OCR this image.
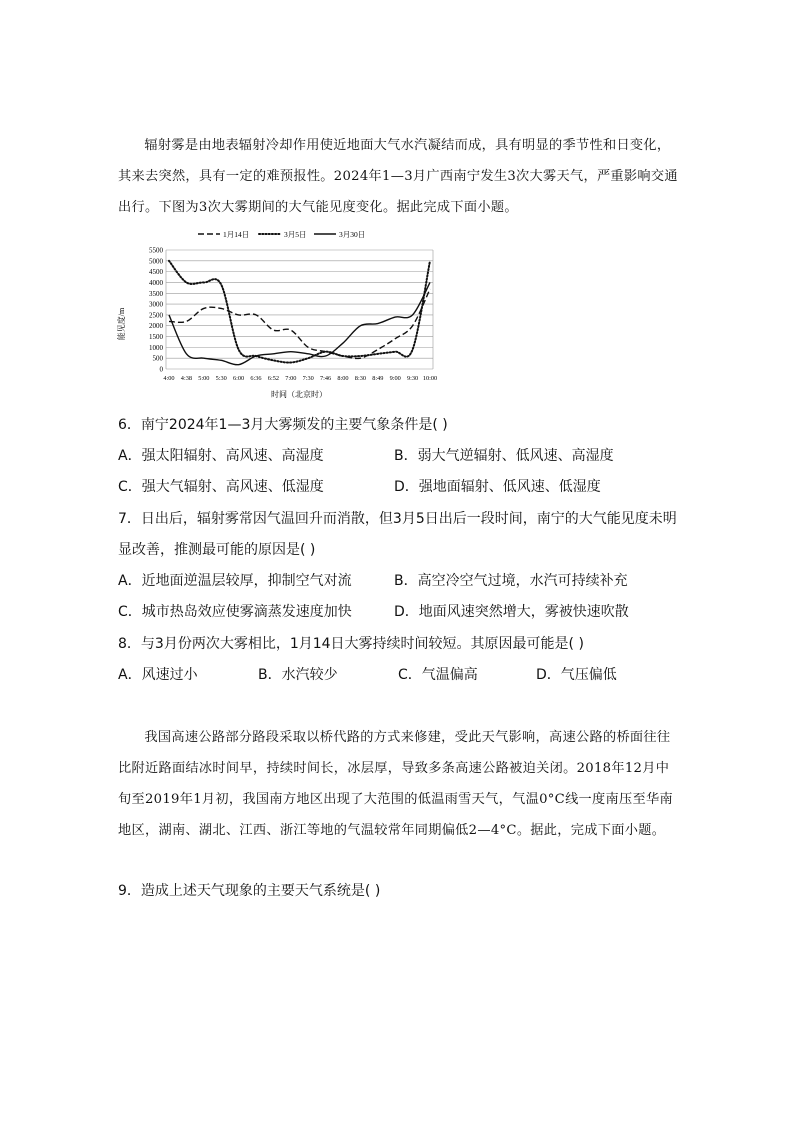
辐射雾是由地表辐射冷却作用使近地面大气水汽凝结而成，具有明显的季节性和日变化，其来去突然，具有一定的难预报性。2024年1—3月广西南宁发生3次大雾天气，严重影响交通出行。下图为3次大雾期间的大气能见度变化。据此完成下面小题。

1月14日	3月5日	3月30日
0
500
1000
1500
2000
2500
3000
3500
4000
4500
5000
5500
4:00 4:38 5:00 5:30 6:00 6:36 6:52 7:00 7:30 7:46 8:00 8:30 8:49 9:00 9:30 10:00
能见度/m
时间（北京时）

6．南宁2024年1—3月大雾频发的主要气象条件是( )

A．强太阳辐射、高风速、高湿度	B．弱大气逆辐射、低风速、高湿度
C．强大气辐射、高风速、低湿度	D．强地面辐射、低风速、低湿度

7．日出后，辐射雾常因气温回升而消散，但3月5日出后一段时间，南宁的大气能见度未明显改善，推测最可能的原因是( )

A．近地面逆温层较厚，抑制空气对流	B．高空冷空气过境，水汽可持续补充
C．城市热岛效应使雾滴蒸发速度加快	D．地面风速突然增大，雾被快速吹散

8．与3月份两次大雾相比，1月14日大雾持续时间较短。其原因最可能是( )

A．风速过小	B．水汽较少	C．气温偏高	D．气压偏低

我国高速公路部分路段采取以桥代路的方式来修建，受此天气影响，高速公路的桥面往往比附近路面结冰时间早，持续时间长，冰层厚，导致多条高速公路被迫关闭。2018年12月中旬至2019年1月初，我国南方地区出现了大范围的低温雨雪天气，气温0°C线一度南压至华南地区，湖南、湖北、江西、浙江等地的气温较常年同期偏低2—4°C。据此，完成下面小题。

9．造成上述天气现象的主要天气系统是( )
